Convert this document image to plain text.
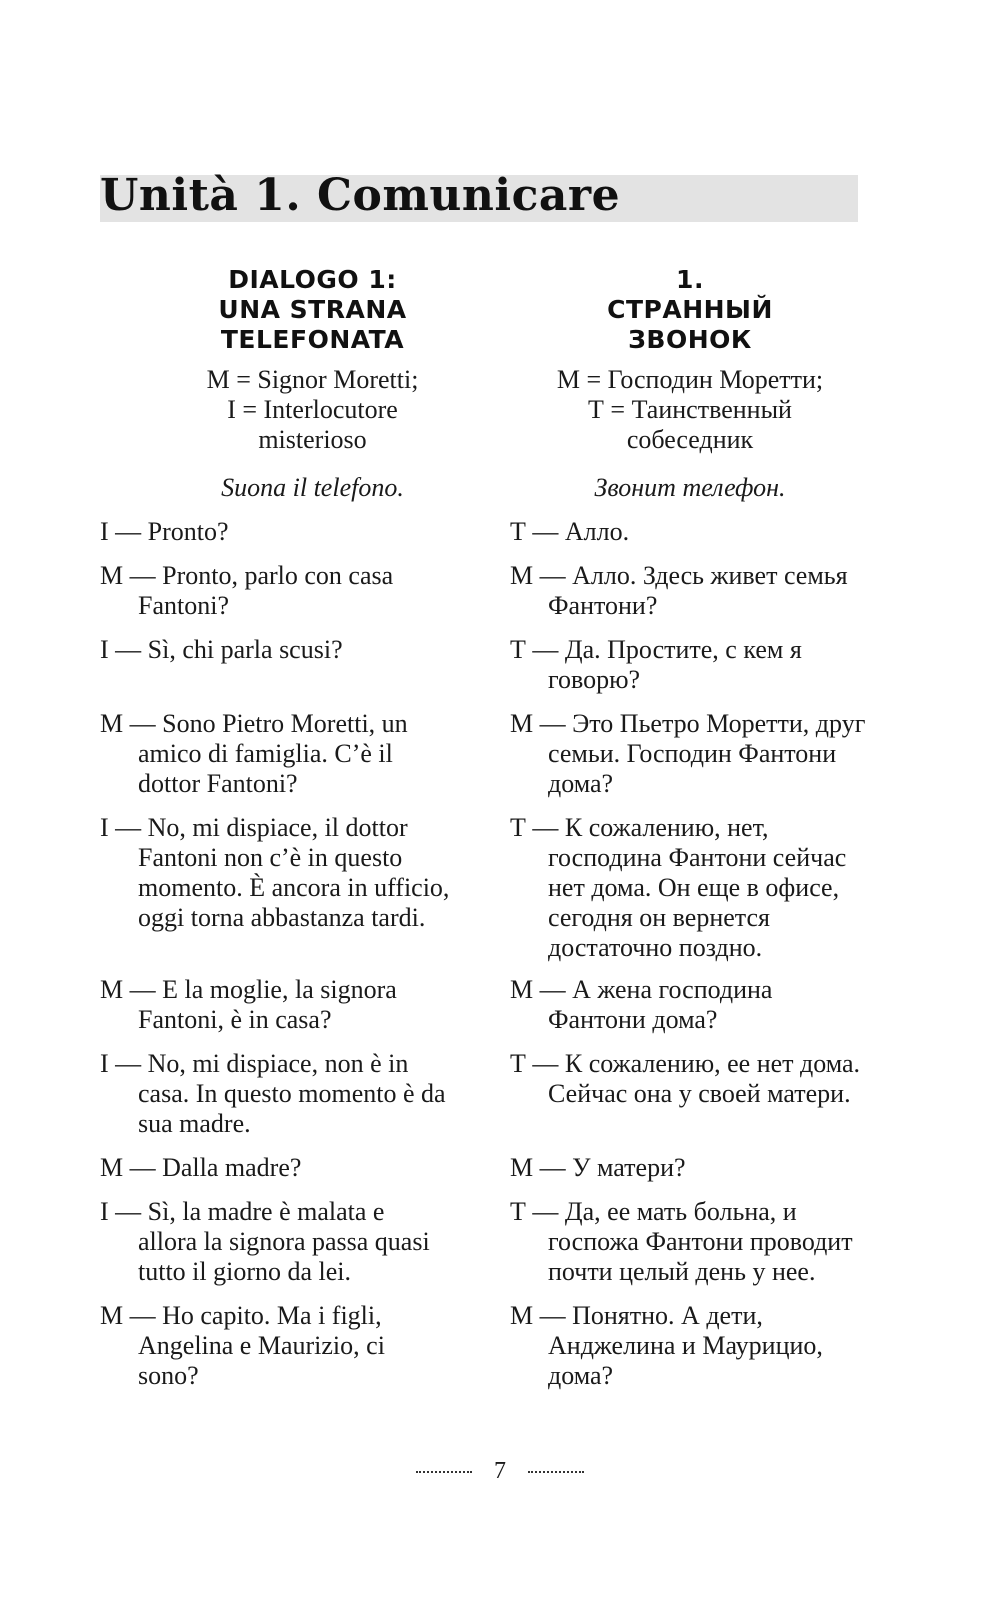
Unità 1. Comunicare
DIALOGO 1:
UNA STRANA
TELEFONATA
M = Signor Moretti;
I = Interlocutore
misterioso
Suona il telefono.
I — Pronto?
M — Pronto, parlo con casa Fantoni?
I — Sì, chi parla scusi?
M — Sono Pietro Moretti, un amico di famiglia. C’è il dottor Fantoni?
I — No, mi dispiace, il dottor Fantoni non c’è in questo momento. È ancora in ufficio, oggi torna abbastanza tardi.
M — E la moglie, la signora Fantoni, è in casa?
I — No, mi dispiace, non è in casa. In questo momento è da sua madre.
M — Dalla madre?
I — Sì, la madre è malata e allora la signora passa quasi tutto il giorno da lei.
M — Ho capito. Ma i figli, Angelina e Maurizio, ci sono?
1.
СТРАННЫЙ
ЗВОНОК
М = Господин Моретти;
Т = Таинственный
собеседник
Звонит телефон.
Т — Алло.
М — Алло. Здесь живет семья Фантони?
Т — Да. Простите, с кем я говорю?
М — Это Пьетро Моретти, друг семьи. Господин Фантони дома?
Т — К сожалению, нет, господина Фантони сейчас нет дома. Он еще в офисе, сегодня он вернется достаточно поздно.
М — А жена господина Фантони дома?
Т — К сожалению, ее нет дома. Сейчас она у своей матери.
М — У матери?
Т — Да, ее мать больна, и госпожа Фантони проводит почти целый день у нее.
М — Понятно. А дети, Анджелина и Маурицио, дома?
7
